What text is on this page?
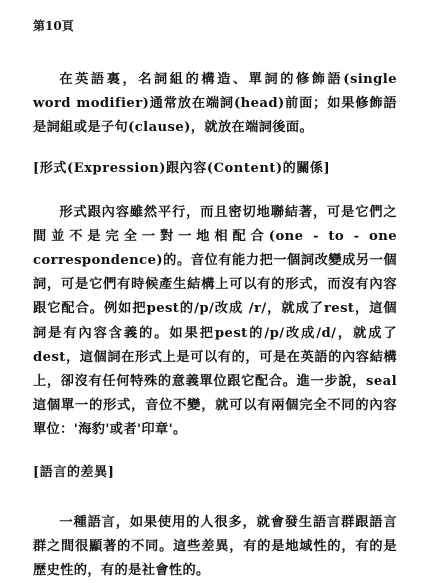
第10頁

在英語裏，名詞組的構造、單詞的修飾語(single word modifier)通常放在端詞(head)前面；如果修飾語是詞組或是子句(clause)，就放在端詞後面。

[形式(Expression)跟內容(Content)的關係]

形式跟內容雖然平行，而且密切地聯結著，可是它們之間並不是完全一對一地相配合(one - to - one correspondence)的。音位有能力把一個詞改變成另一個詞，可是它們有時候產生結構上可以有的形式，而沒有內容跟它配合。例如把pest的/p/改成 /r/，就成了rest，這個詞是有內容含義的。如果把pest的/p/改成/d/，就成了dest，這個詞在形式上是可以有的，可是在英語的內容結構上，卻沒有任何特殊的意義單位跟它配合。進一步說，seal 這個單一的形式，音位不變，就可以有兩個完全不同的內容單位：'海豹'或者'印章'。

[語言的差異]

一種語言，如果使用的人很多，就會發生語言群跟語言群之間很顯著的不同。這些差異，有的是地域性的，有的是歷史性的，有的是社會性的。
